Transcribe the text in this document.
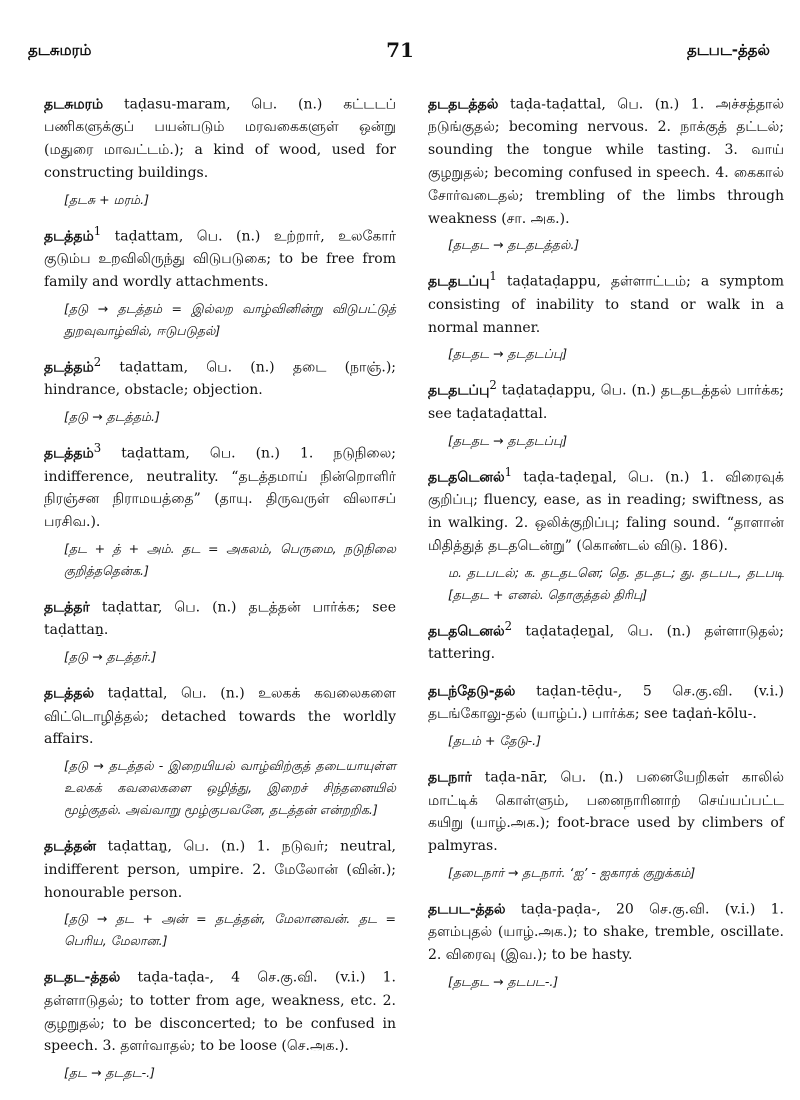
தடசுமரம்	71	தடபட-த்தல்
தடசுமரம் taḍasu-maram, பெ. (n.) கட்டடப் பணிகளுக்குப் பயன்படும் மரவகைகளுள் ஒன்று (மதுரை மாவட்டம்.); a kind of wood, used for constructing buildings.
[தடசு + மரம்.]
தடத்தம்$^1$ taḍattam, பெ. (n.) உற்றார், உலகோர் குடும்ப உறவிலிருந்து விடுபடுகை; to be free from family and wordly attachments.
[தடு → தடத்தம் = இல்லற வாழ்வினின்று விடுபட்டுத் துறவுவாழ்வில், ஈடுபடுதல்]
தடத்தம்$^2$ taḍattam, பெ. (n.) தடை (நாஞ்.); hindrance, obstacle; objection.
[தடு → தடத்தம்.]
தடத்தம்$^3$ taḍattam, பெ. (n.) 1. நடுநிலை; indifference, neutrality. “தடத்தமாய் நின்றொளிர் நிரஞ்சன நிராமயத்தை” (தாயு. திருவருள் விலாசப் பரசிவ.).
[தட + த் + அம். தட = அகலம், பெருமை, நடுநிலை குறித்ததென்க.]
தடத்தர் taḍattar, பெ. (n.) தடத்தன் பார்க்க; see taḍattaṉ.
[தடு → தடத்தர்.]
தடத்தல் taḍattal, பெ. (n.) உலகக் கவலைகளை விட்டொழித்தல்; detached towards the worldly affairs.
[தடு → தடத்தல் - இறையியல் வாழ்விற்குத் தடையாயுள்ள உலகக் கவலைகளை ஒழித்து, இறைச் சிந்தனையில் மூழ்குதல். அவ்வாறு மூழ்குபவனே, தடத்தன் என்றறிக.]
தடத்தன் taḍattaṉ, பெ. (n.) 1. நடுவர்; neutral, indifferent person, umpire. 2. மேலோன் (வின்.); honourable person.
[தடு → தட + அன் = தடத்தன், மேலானவன். தட = பெரிய, மேலான.]
தடதட-த்தல் taḍa-taḍa-, 4 செ.கு.வி. (v.i.) 1. தள்ளாடுதல்; to totter from age, weakness, etc. 2. குழறுதல்; to be disconcerted; to be confused in speech. 3. தளர்வாதல்; to be loose (செ.அக.).
[தட → தடதட-.]
தடதடத்தல் taḍa-taḍattal, பெ. (n.) 1. அச்சத்தால் நடுங்குதல்; becoming nervous. 2. நாக்குத் தட்டல்; sounding the tongue while tasting. 3. வாய் குழறுதல்; becoming confused in speech. 4. கைகால் சோர்வடைதல்; trembling of the limbs through weakness (சா. அக.).
[தடதட → தடதடத்தல்.]
தடதடப்பு$^1$ taḍataḍappu, தள்ளாட்டம்; a symptom consisting of inability to stand or walk in a normal manner.
[தடதட → தடதடப்பு]
தடதடப்பு$^2$ taḍataḍappu, பெ. (n.) தடதடத்தல் பார்க்க; see taḍataḍattal.
[தடதட → தடதடப்பு]
தடதடெனல்$^1$ taḍa-taḍeṉal, பெ. (n.) 1. விரைவுக் குறிப்பு; fluency, ease, as in reading; swiftness, as in walking. 2. ஒலிக்குறிப்பு; faling sound. “தாளான் மிதித்துத் தடதடென்று” (கொண்டல் விடு. 186).
ம. தடபடல்; க. தடதடனெ; தெ. தடதட; து. தடபட, தடபடி [தடதட + எனல். தொகுத்தல் திரிபு]
தடதடெனல்$^2$ taḍataḍeṉal, பெ. (n.) தள்ளாடுதல்; tattering.
தடந்தேடு-தல் taḍan-tēḍu-, 5 செ.கு.வி. (v.i.) தடங்கோலு-தல் (யாழ்ப்.) பார்க்க; see taḍaṅ-kōlu-.
[தடம் + தேடு-.]
தடநார் taḍa-nār, பெ. (n.) பனையேறிகள் காலில் மாட்டிக் கொள்ளும், பனைநாரினாற் செய்யப்பட்ட கயிறு (யாழ்.அக.); foot-brace used by climbers of palmyras.
[தடைநார் → தடநார். ‘ஐ’ - ஐகாரக் குறுக்கம்]
தடபட-த்தல் taḍa-paḍa-, 20 செ.கு.வி. (v.i.) 1. தளம்புதல் (யாழ்.அக.); to shake, tremble, oscillate. 2. விரைவு (இவ.); to be hasty.
[தடதட → தடபட-.]
